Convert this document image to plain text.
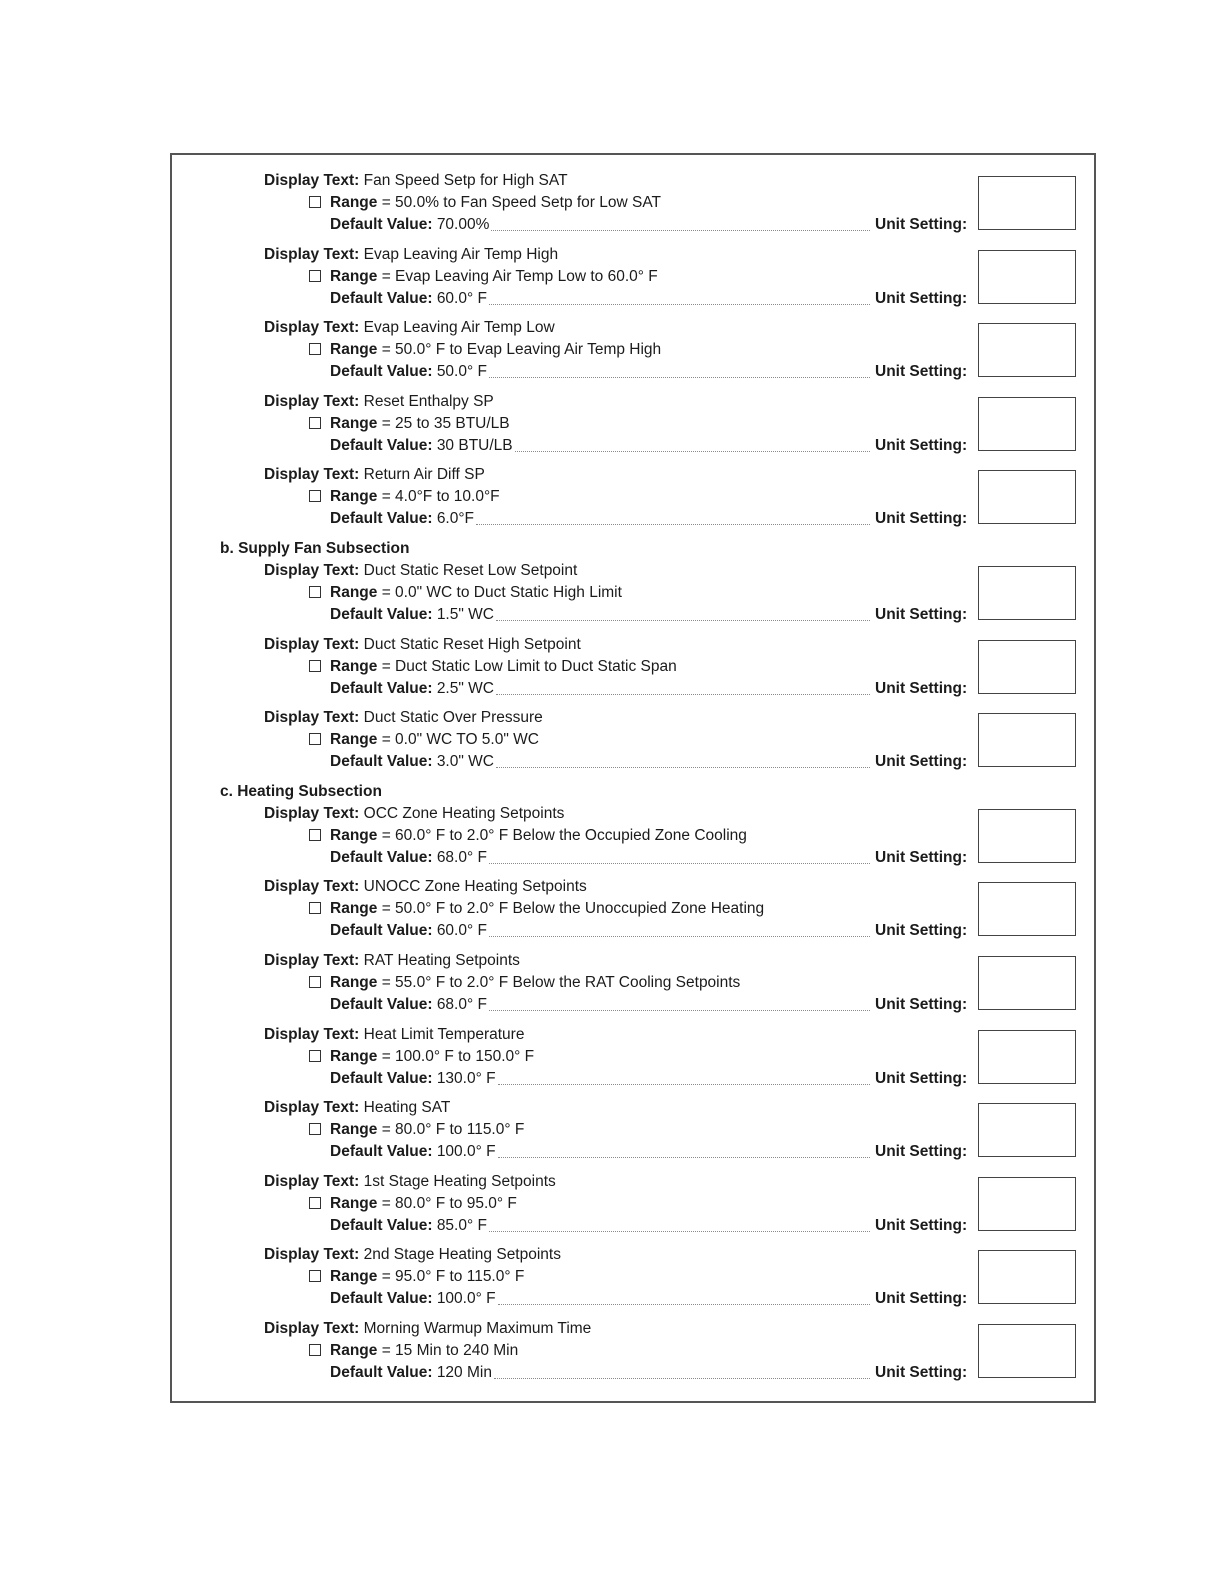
Display Text: Fan Speed Setp for High SAT
Range = 50.0% to Fan Speed Setp for Low SAT
Default Value: 70.00%	Unit Setting:
Display Text: Evap Leaving Air Temp High
Range = Evap Leaving Air Temp Low to 60.0° F
Default Value: 60.0° F	Unit Setting:
Display Text: Evap Leaving Air Temp Low
Range = 50.0° F to Evap Leaving Air Temp High
Default Value: 50.0° F	Unit Setting:
Display Text: Reset Enthalpy SP
Range = 25 to 35 BTU/LB
Default Value: 30 BTU/LB	Unit Setting:
Display Text: Return Air Diff SP
Range = 4.0°F to 10.0°F
Default Value: 6.0°F	Unit Setting:
b. Supply Fan Subsection
Display Text: Duct Static Reset Low Setpoint
Range = 0.0" WC to Duct Static High Limit
Default Value: 1.5" WC	Unit Setting:
Display Text: Duct Static Reset High Setpoint
Range = Duct Static Low Limit to Duct Static Span
Default Value: 2.5" WC	Unit Setting:
Display Text: Duct Static Over Pressure
Range = 0.0" WC TO 5.0" WC
Default Value: 3.0" WC	Unit Setting:
c. Heating Subsection
Display Text: OCC Zone Heating Setpoints
Range = 60.0° F to 2.0° F Below the Occupied Zone Cooling
Default Value: 68.0° F	Unit Setting:
Display Text: UNOCC Zone Heating Setpoints
Range = 50.0° F to 2.0° F Below the Unoccupied Zone Heating
Default Value: 60.0° F	Unit Setting:
Display Text: RAT Heating Setpoints
Range = 55.0° F to 2.0° F Below the RAT Cooling Setpoints
Default Value: 68.0° F	Unit Setting:
Display Text: Heat Limit Temperature
Range = 100.0° F to 150.0° F
Default Value: 130.0° F	Unit Setting:
Display Text: Heating SAT
Range = 80.0° F to 115.0° F
Default Value: 100.0° F	Unit Setting:
Display Text: 1st Stage Heating Setpoints
Range = 80.0° F to 95.0° F
Default Value: 85.0° F	Unit Setting:
Display Text: 2nd Stage Heating Setpoints
Range = 95.0° F to 115.0° F
Default Value: 100.0° F	Unit Setting:
Display Text: Morning Warmup Maximum Time
Range = 15 Min to 240 Min
Default Value: 120 Min	Unit Setting:
